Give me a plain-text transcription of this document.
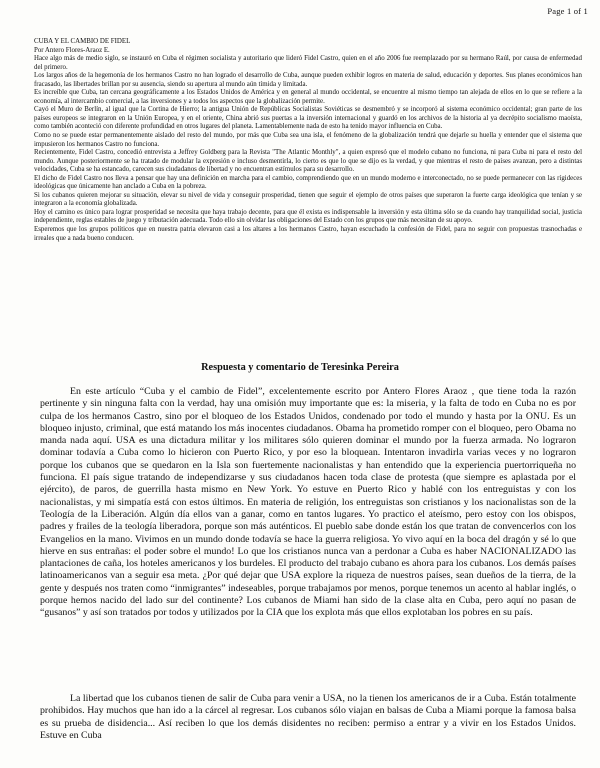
Page 1 of 1

CUBA Y EL CAMBIO DE FIDEL

Por Antero Flores-Araoz E.

Hace algo más de medio siglo, se instauró en Cuba el régimen socialista y autoritario que lideró Fidel Castro, quien en el año 2006 fue reemplazado por su hermano Raúl, por causa de enfermedad del primero.

Los largos años de la hegemonía de los hermanos Castro no han logrado el desarrollo de Cuba, aunque pueden exhibir logros en materia de salud, educación y deportes. Sus planes económicos han fracasado, las libertades brillan por su ausencia, siendo su apertura al mundo aún tímida y limitada.

Es increíble que Cuba, tan cercana geográficamente a los Estados Unidos de América y en general al mundo occidental, se encuentre al mismo tiempo tan alejada de ellos en lo que se refiere a la economía, al intercambio comercial, a las inversiones y a todos los aspectos que la globalización permite.

Cayó el Muro de Berlín, al igual que la Cortina de Hierro; la antigua Unión de Repúblicas Socialistas Soviéticas se desmembró y se incorporó al sistema económico occidental; gran parte de los países europeos se integraron en la Unión Europea, y en el oriente, China abrió sus puertas a la inversión internacional y guardó en los archivos de la historia al ya decrépito socialismo maoísta, como también aconteció con diferente profundidad en otros lugares del planeta. Lamentablemente nada de esto ha tenido mayor influencia en Cuba.

Como no se puede estar permanentemente aislado del resto del mundo, por más que Cuba sea una isla, el fenómeno de la globalización tendrá que dejarle su huella y entender que el sistema que impusieron los hermanos Castro no funciona.

Recientemente, Fidel Castro, concedió entrevista a Jeffrey Goldberg para la Revista "The Atlantic Monthly", a quien expresó que el modelo cubano no funciona, ni para Cuba ni para el resto del mundo. Aunque posteriormente se ha tratado de modular la expresión e incluso desmentirla, lo cierto es que lo que se dijo es la verdad, y que mientras el resto de países avanzan, pero a distintas velocidades, Cuba se ha estancado, carecen sus ciudadanos de libertad y no encuentran estímulos para su desarrollo.

El dicho de Fidel Castro nos lleva a pensar que hay una definición en marcha para el cambio, comprendiendo que en un mundo moderno e interconectado, no se puede permanecer con las rígideces ideológicas que únicamente han anclado a Cuba en la pobreza.

Si los cubanos quieren mejorar su situación, elevar su nivel de vida y conseguir prosperidad, tienen que seguir el ejemplo de otros países que superaron la fuerte carga ideológica que tenían y se integraron a la economía globalizada.

Hoy el camino es único para lograr prosperidad se necesita que haya trabajo decente, para que él exista es indispensable la inversión y esta última sólo se da cuando hay tranquilidad social, justicia independiente, reglas estables de juego y tributación adecuada. Todo ello sin olvidar las obligaciones del Estado con los grupos que más necesitan de su apoyo.

Esperemos que los grupos políticos que en nuestra patria elevaron casi a los altares a los hermanos Castro, hayan escuchado la confesión de Fidel, para no seguir con propuestas trasnochadas e irreales que a nada bueno conducen.

Respuesta y comentario de Teresinka Pereira

En este artículo “Cuba y el cambio de Fidel”, excelentemente escrito por Antero Flores Araoz , que tiene toda la razón pertinente y sin ninguna falta con la verdad, hay una omisión muy importante que es: la miseria, y la falta de todo en Cuba no es por culpa de los hermanos Castro, sino por el bloqueo de los Estados Unidos, condenado por todo el mundo y hasta por la ONU. Es un bloqueo injusto, criminal, que está matando los más inocentes ciudadanos. Obama ha prometido romper con el bloqueo, pero Obama no manda nada aquí. USA es una dictadura militar y los militares sólo quieren dominar el mundo por la fuerza armada. No lograron dominar todavía a Cuba como lo hicieron con Puerto Rico, y por eso la bloquean. Intentaron invadirla varias veces y no lograron porque los cubanos que se quedaron en la Isla son fuertemente nacionalistas y han entendido que la experiencia puertorriqueña no funciona. El país sigue tratando de independizarse y sus ciudadanos hacen toda clase de protesta (que siempre es aplastada por el ejército), de paros, de guerrilla hasta mismo en New York. Yo estuve en Puerto Rico y hablé con los entreguistas y con los nacionalistas, y mi simpatía está con estos últimos. En materia de religión, los entreguistas son cristianos y los nacionalistas son de la Teología de la Liberación. Algún día ellos van a ganar, como en tantos lugares. Yo practico el ateísmo, pero estoy con los obispos, padres y frailes de la teología liberadora, porque son más auténticos. El pueblo sabe donde están los que tratan de convencerlos con los Evangelios en la mano. Vivimos en un mundo donde todavía se hace la guerra religiosa. Yo vivo aquí en la boca del dragón y sé lo que hierve en sus entrañas: el poder sobre el mundo! Lo que los cristianos nunca van a perdonar a Cuba es haber NACIONALIZADO las plantaciones de caña, los hoteles americanos y los burdeles. El producto del trabajo cubano es ahora para los cubanos. Los demás países latinoamericanos van a seguir esa meta. ¿Por qué dejar que USA explore la riqueza de nuestros países, sean dueños de la tierra, de la gente y después nos traten como “inmigrantes” indeseables, porque trabajamos por menos, porque tenemos un acento al hablar inglés, o porque hemos nacido del lado sur del continente? Los cubanos de Miami han sido de la clase alta en Cuba, pero aquí no pasan de “gusanos” y así son tratados por todos y utilizados por la CIA que los explota más que ellos explotaban los pobres en su país.

La libertad que los cubanos tienen de salir de Cuba para venir a USA, no la tienen los americanos de ir a Cuba. Están totalmente prohibidos. Hay muchos que han ido a la cárcel al regresar. Los cubanos sólo viajan en balsas de Cuba a Miami porque la famosa balsa es su prueba de disidencia... Así reciben lo que los demás disidentes no reciben: permiso a entrar y a vivir en los Estados Unidos. Estuve en Cuba
